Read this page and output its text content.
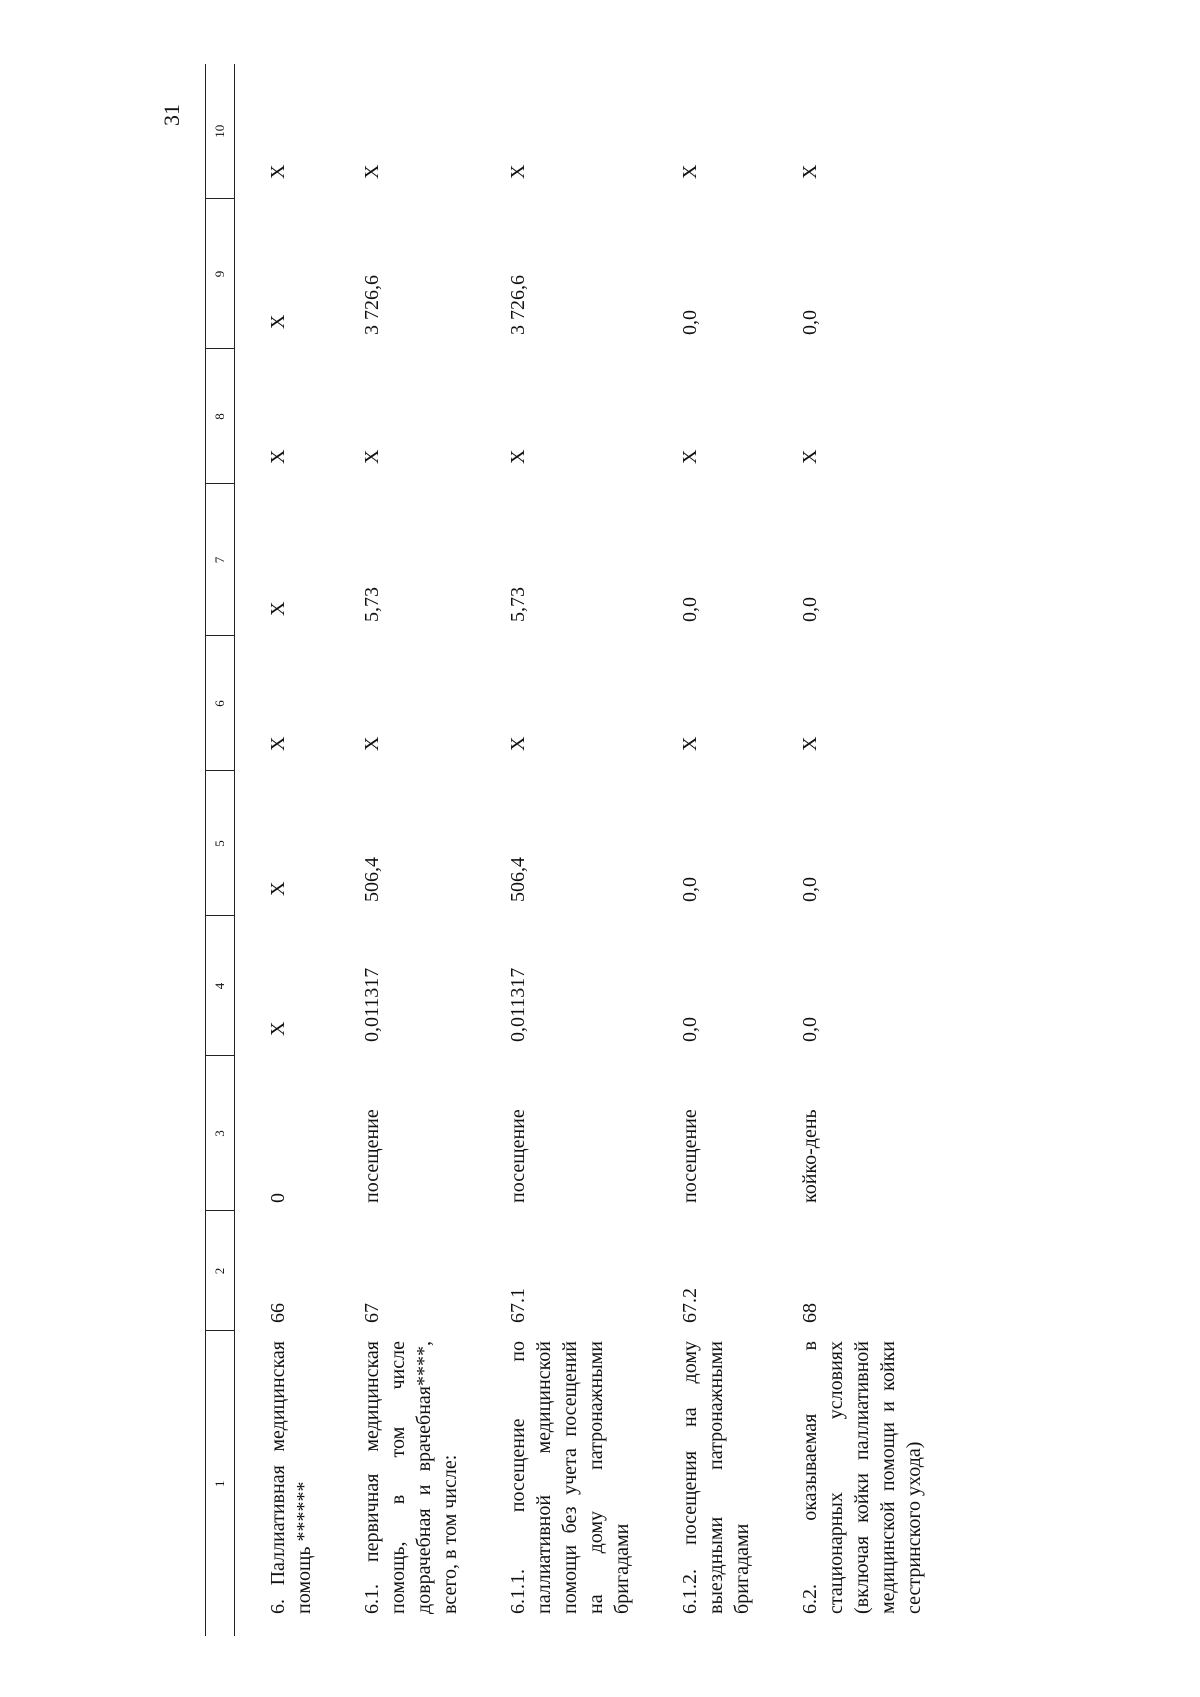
31
1	2	3	4	5	6	7	8	9	10
6. Паллиативная медицинская помощь ******	66	0	X	X	X	X	X	X	X
6.1. первичная медицинская помощь, в том числе доврачебная и врачебная****, всего, в том числе:	67	посещение	0,011317	506,4	X	5,73	X	3 726,6	X
6.1.1. посещение по паллиативной медицинской помощи без учета посещений на дому патронажными бригадами	67.1	посещение	0,011317	506,4	X	5,73	X	3 726,6	X
6.1.2. посещения на дому выездными патронажными бригадами	67.2	посещение	0,0	0,0	X	0,0	X	0,0	X
6.2. оказываемая в стационарных условиях (включая койки паллиативной медицинской помощи и койки сестринского ухода)	68	койко-день	0,0	0,0	X	0,0	X	0,0	X
